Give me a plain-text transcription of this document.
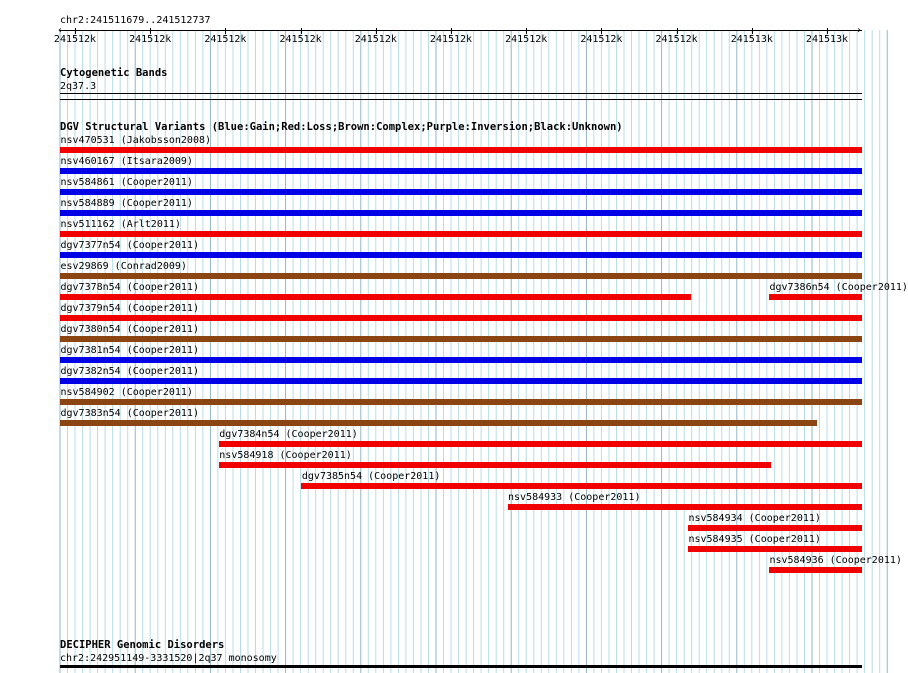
chr2:241511679..241512737
‹	›
241512k	241512k	241512k	241512k	241512k	241512k	241512k	241512k	241512k	241513k	241513k
Cytogenetic Bands
2q37.3
DGV Structural Variants (Blue:Gain;Red:Loss;Brown:Complex;Purple:Inversion;Black:Unknown)
nsv470531 (Jakobsson2008)
nsv460167 (Itsara2009)
nsv584861 (Cooper2011)
nsv584889 (Cooper2011)
nsv511162 (Arlt2011)
dgv7377n54 (Cooper2011)
esv29869 (Conrad2009)
dgv7378n54 (Cooper2011)	dgv7386n54 (Cooper2011)
dgv7379n54 (Cooper2011)
dgv7380n54 (Cooper2011)
dgv7381n54 (Cooper2011)
dgv7382n54 (Cooper2011)
nsv584902 (Cooper2011)
dgv7383n54 (Cooper2011)
dgv7384n54 (Cooper2011)
nsv584918 (Cooper2011)
dgv7385n54 (Cooper2011)
nsv584933 (Cooper2011)
nsv584934 (Cooper2011)
nsv584935 (Cooper2011)
nsv584936 (Cooper2011)
DECIPHER Genomic Disorders
chr2:242951149-3331520|2q37 monosomy
